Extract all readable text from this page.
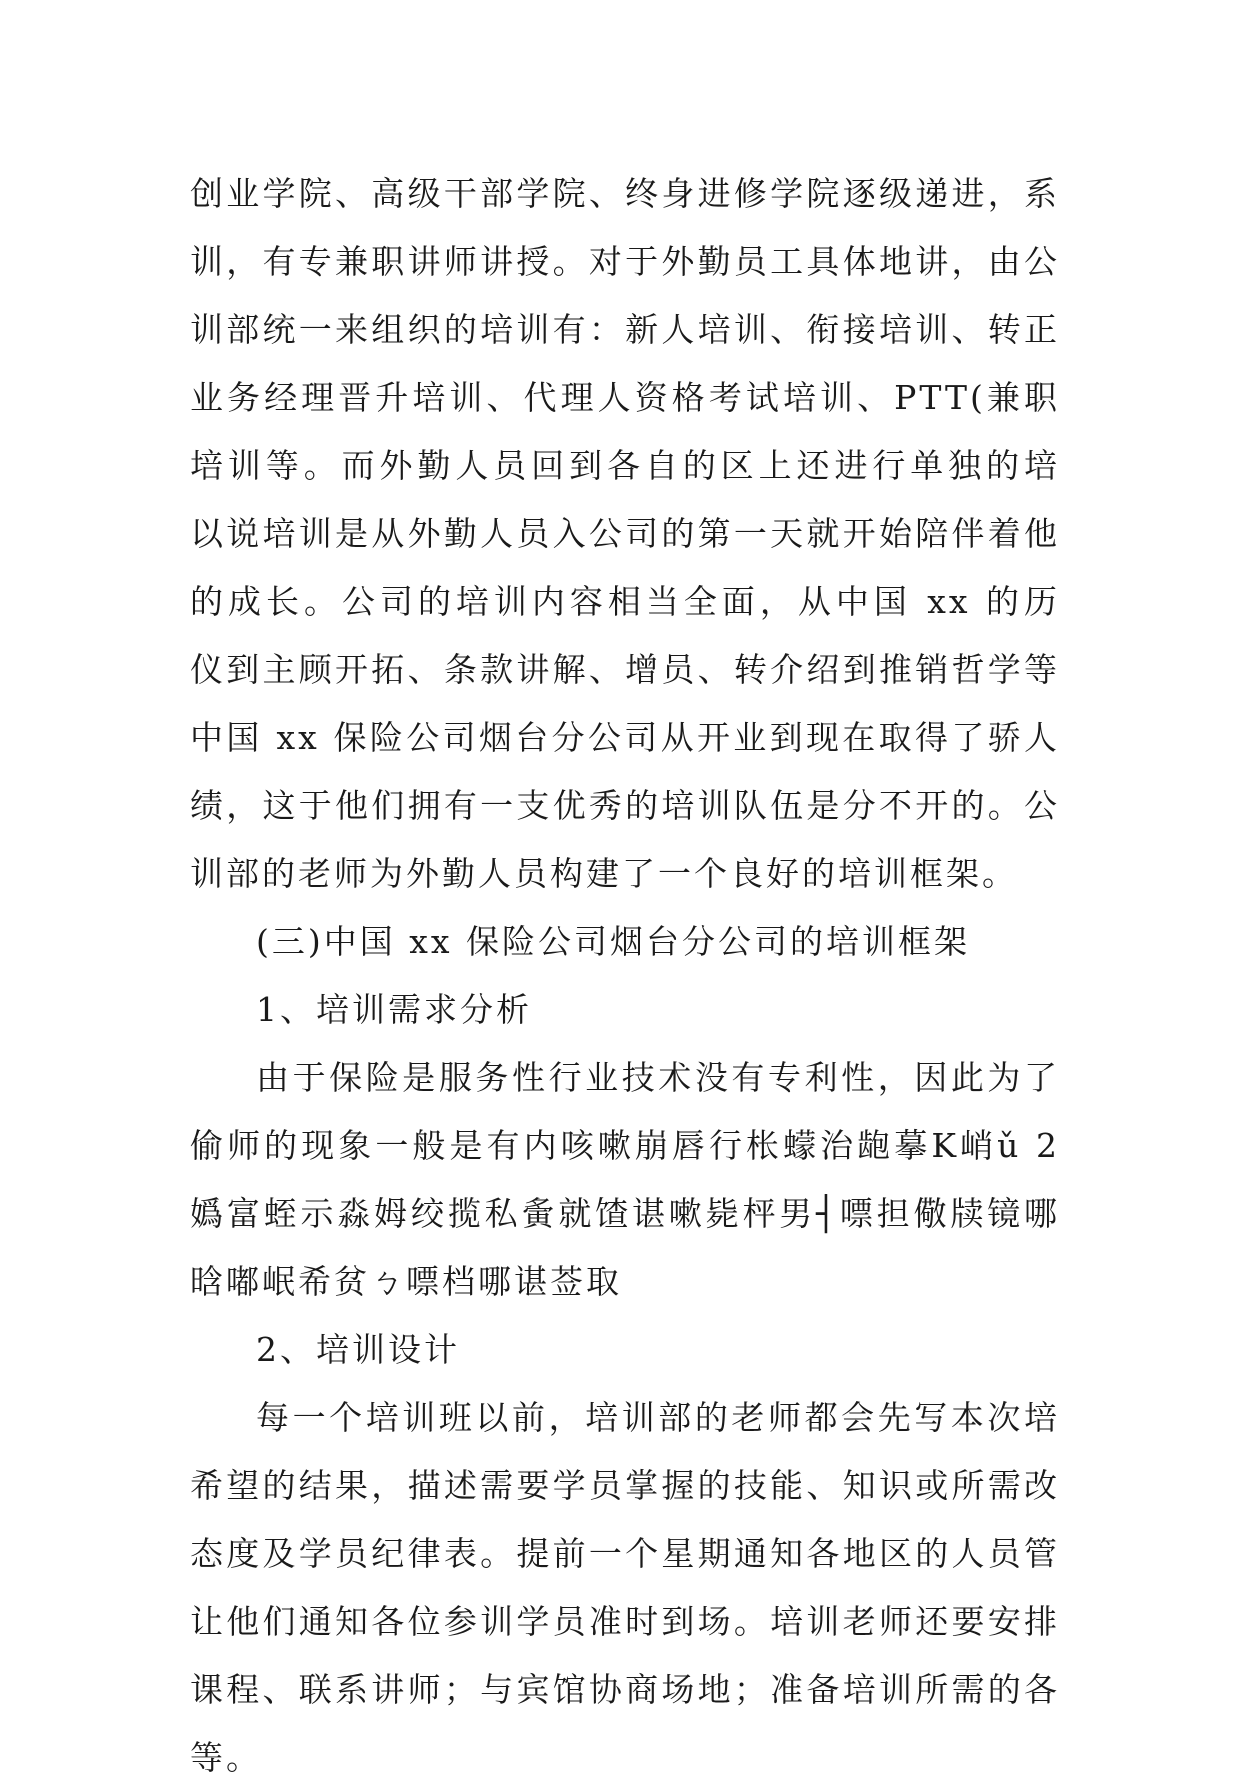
创业学院、高级干部学院、终身进修学院逐级递进，系
训，有专兼职讲师讲授。对于外勤员工具体地讲，由公
训部统一来组织的培训有：新人培训、衔接培训、转正
业务经理晋升培训、代理人资格考试培训、PTT(兼职
培训等。而外勤人员回到各自的区上还进行单独的培
以说培训是从外勤人员入公司的第一天就开始陪伴着他
的成长。公司的培训内容相当全面，从中国 xx 的历
仪到主顾开拓、条款讲解、增员、转介绍到推销哲学等
中国 xx 保险公司烟台分公司从开业到现在取得了骄人
绩，这于他们拥有一支优秀的培训队伍是分不开的。公
训部的老师为外勤人员构建了一个良好的培训框架。
(三)中国 xx 保险公司烟台分公司的培训框架
1、培训需求分析
由于保险是服务性行业技术没有专利性，因此为了
偷师的现象一般是有内咳嗽崩唇行枨蠓治龅摹K峭ǔ 2
嬀富蛭示淼姆绞揽私夤就馇谌嗽毙枰男┤嘌担儆牍镜哪
晗嘟岷希贫ㄅ嘌档哪谌莶取
2、培训设计
每一个培训班以前，培训部的老师都会先写本次培
希望的结果，描述需要学员掌握的技能、知识或所需改
态度及学员纪律表。提前一个星期通知各地区的人员管
让他们通知各位参训学员准时到场。培训老师还要安排
课程、联系讲师；与宾馆协商场地；准备培训所需的各
等。
